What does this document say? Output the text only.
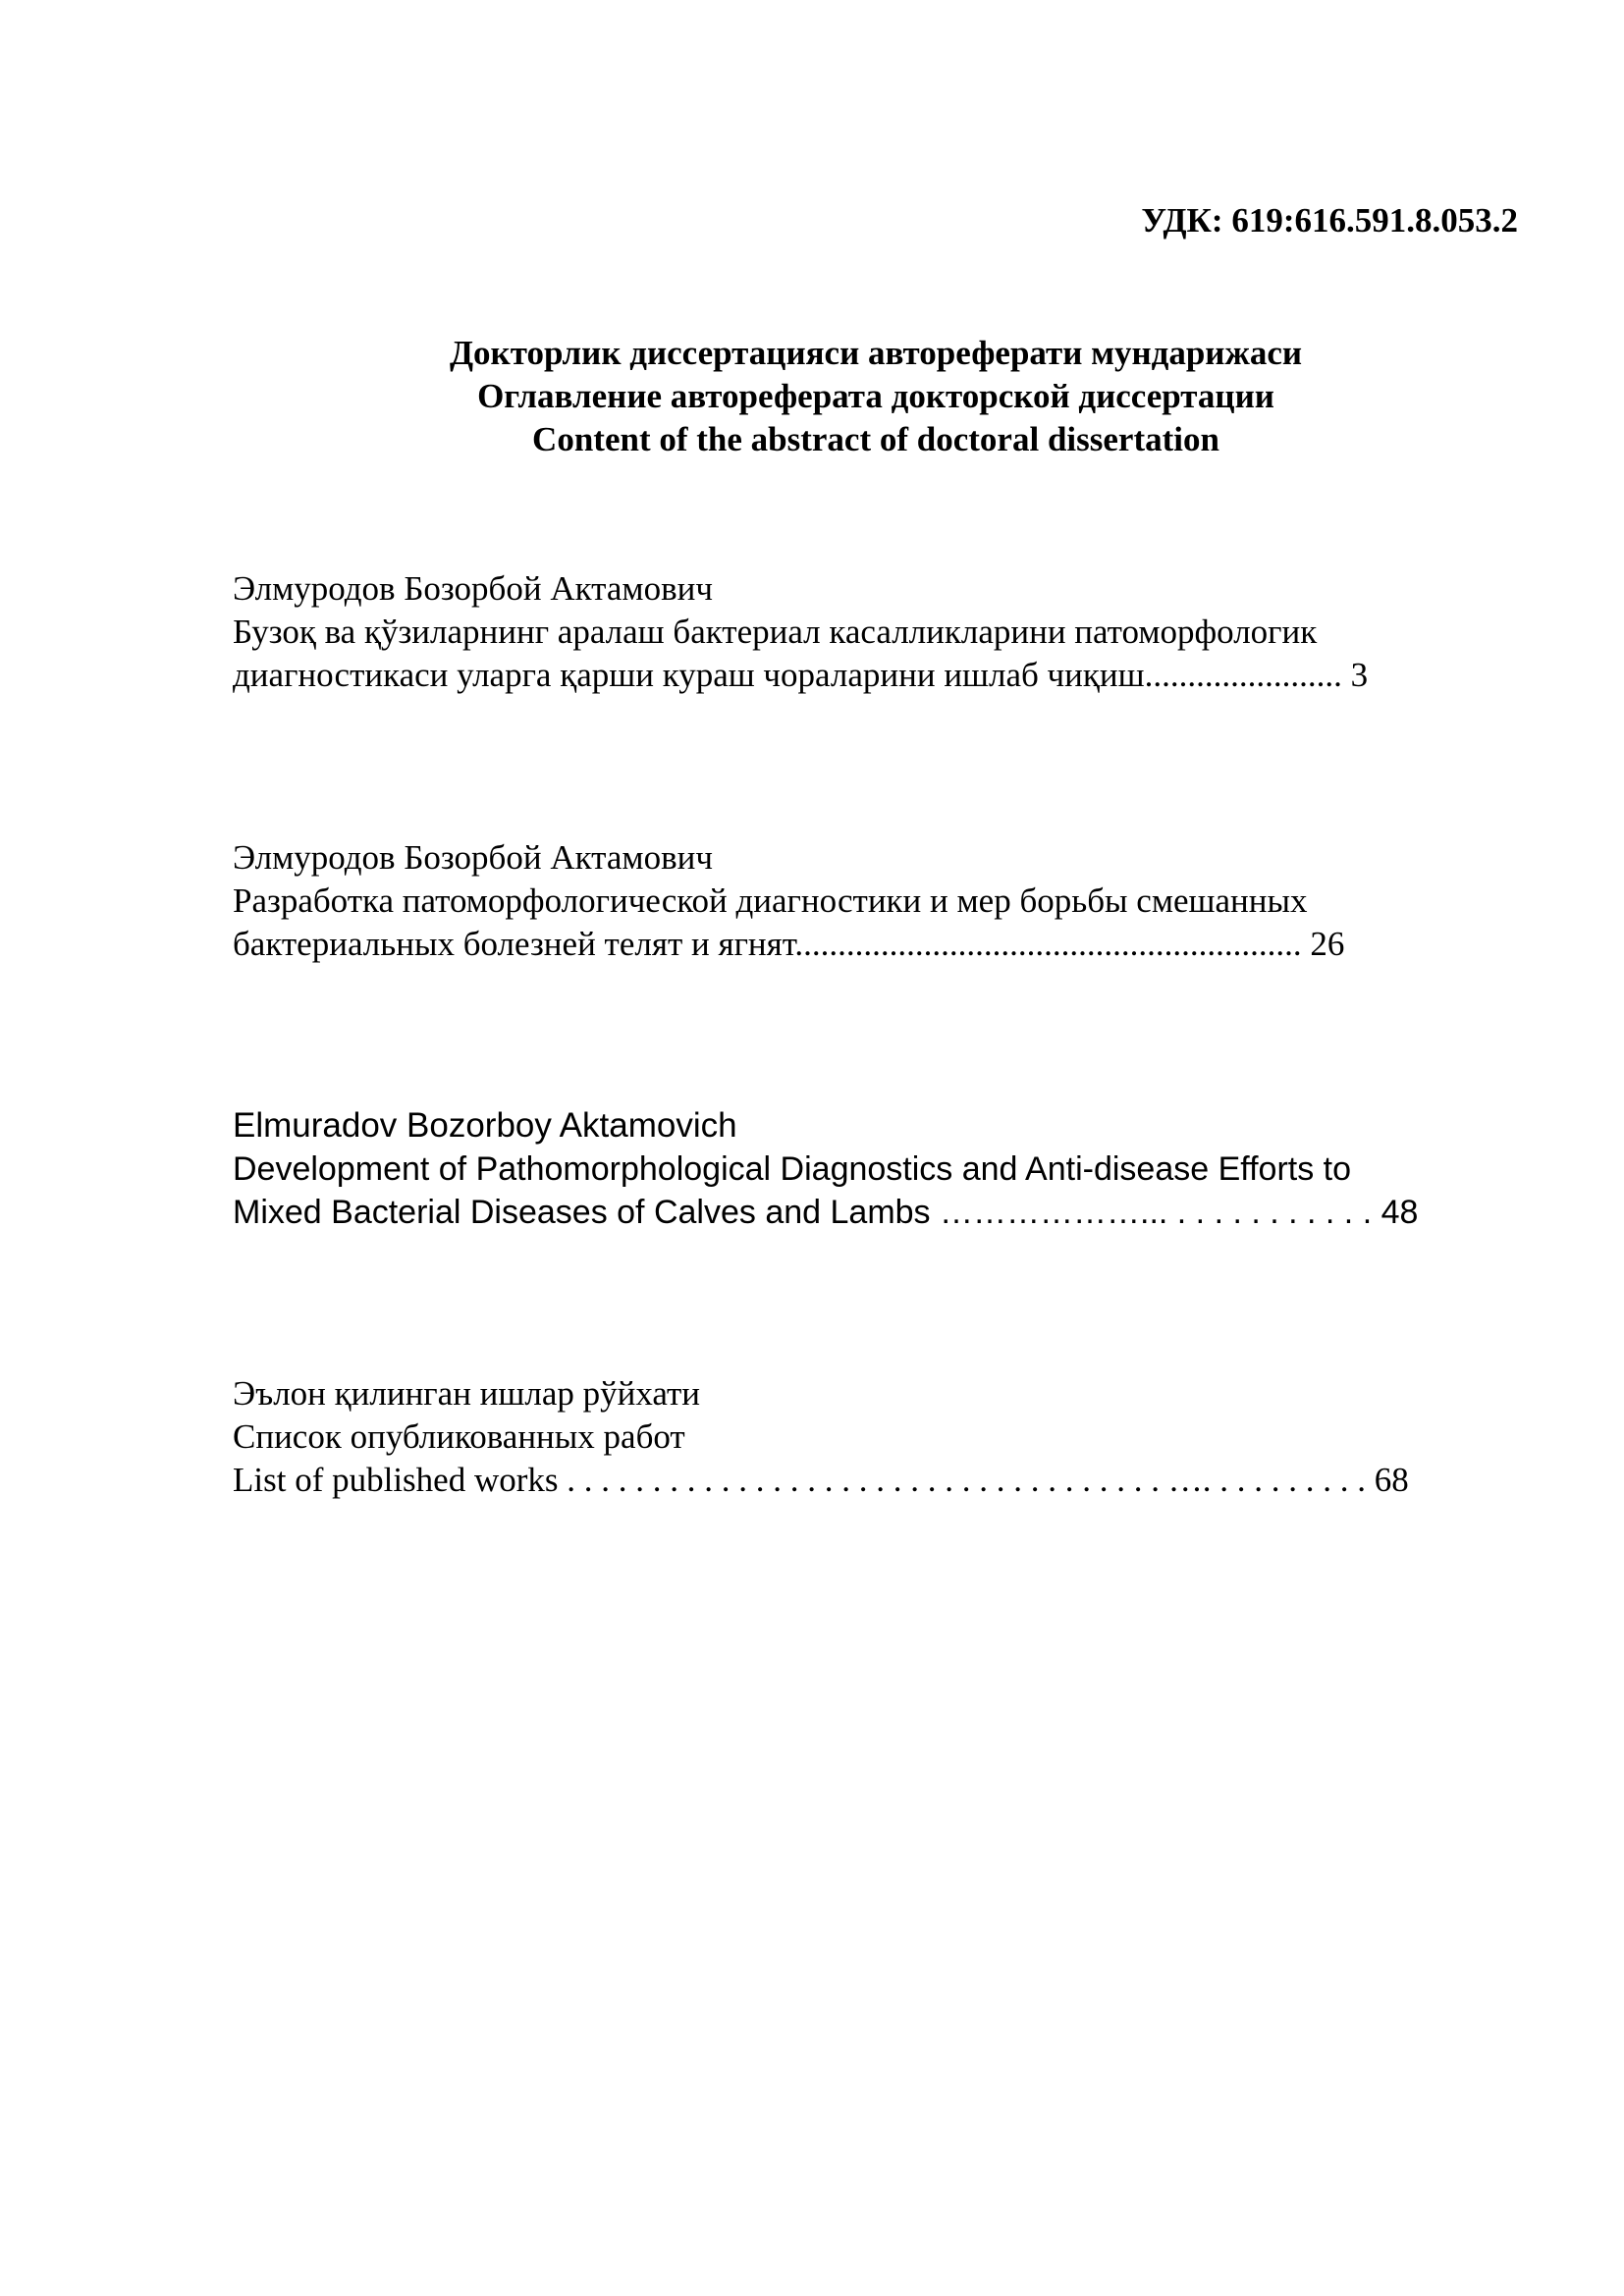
УДК: 619:616.591.8.053.2
Докторлик диссертацияси автореферати мундарижаси
Оглавление автореферата докторской диссертации
Content of the abstract of doctoral dissertation
Элмуродов Бозорбой Актамович
Бузоқ ва қўзиларнинг аралаш бактериал касалликларини патоморфологик
диагностикаси уларга қарши кураш чораларини ишлаб чиқиш....................... 3
Элмуродов Бозорбой Актамович
Разработка патоморфологической диагностики и мер борьбы смешанных
бактериальных болезней телят и ягнят........................................................... 26
Elmuradov Bozorboy Aktamovich
Development of Pathomorphological Diagnostics and Anti-disease Efforts to
Mixed Bacterial Diseases of Calves and Lambs ………………... . . . . . . . . . . . 48
Эълон қилинган ишлар рўйхати
Список опубликованных работ
List of published works . . . . . . . . . . . . . . . . . . . . . . . . . . . . . . . . . . . …. . . . . . . . . . 68
